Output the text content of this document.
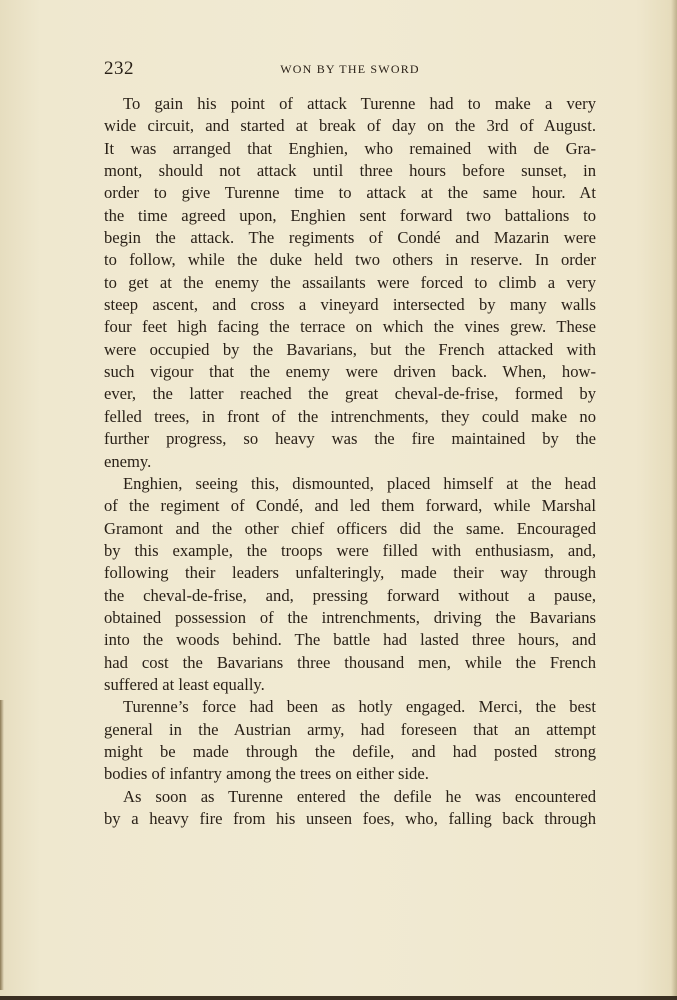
232	WON BY THE SWORD
To gain his point of attack Turenne had to make a very
wide circuit, and started at break of day on the 3rd of August.
It was arranged that Enghien, who remained with de Gra-
mont, should not attack until three hours before sunset, in
order to give Turenne time to attack at the same hour. At
the time agreed upon, Enghien sent forward two battalions to
begin the attack. The regiments of Condé and Mazarin were
to follow, while the duke held two others in reserve. In order
to get at the enemy the assailants were forced to climb a very
steep ascent, and cross a vineyard intersected by many walls
four feet high facing the terrace on which the vines grew. These
were occupied by the Bavarians, but the French attacked with
such vigour that the enemy were driven back. When, how-
ever, the latter reached the great cheval-de-frise, formed by
felled trees, in front of the intrenchments, they could make no
further progress, so heavy was the fire maintained by the
enemy.
Enghien, seeing this, dismounted, placed himself at the head
of the regiment of Condé, and led them forward, while Marshal
Gramont and the other chief officers did the same. Encouraged
by this example, the troops were filled with enthusiasm, and,
following their leaders unfalteringly, made their way through
the cheval-de-frise, and, pressing forward without a pause,
obtained possession of the intrenchments, driving the Bavarians
into the woods behind. The battle had lasted three hours, and
had cost the Bavarians three thousand men, while the French
suffered at least equally.
Turenne’s force had been as hotly engaged. Merci, the best
general in the Austrian army, had foreseen that an attempt
might be made through the defile, and had posted strong
bodies of infantry among the trees on either side.
As soon as Turenne entered the defile he was encountered
by a heavy fire from his unseen foes, who, falling back through
